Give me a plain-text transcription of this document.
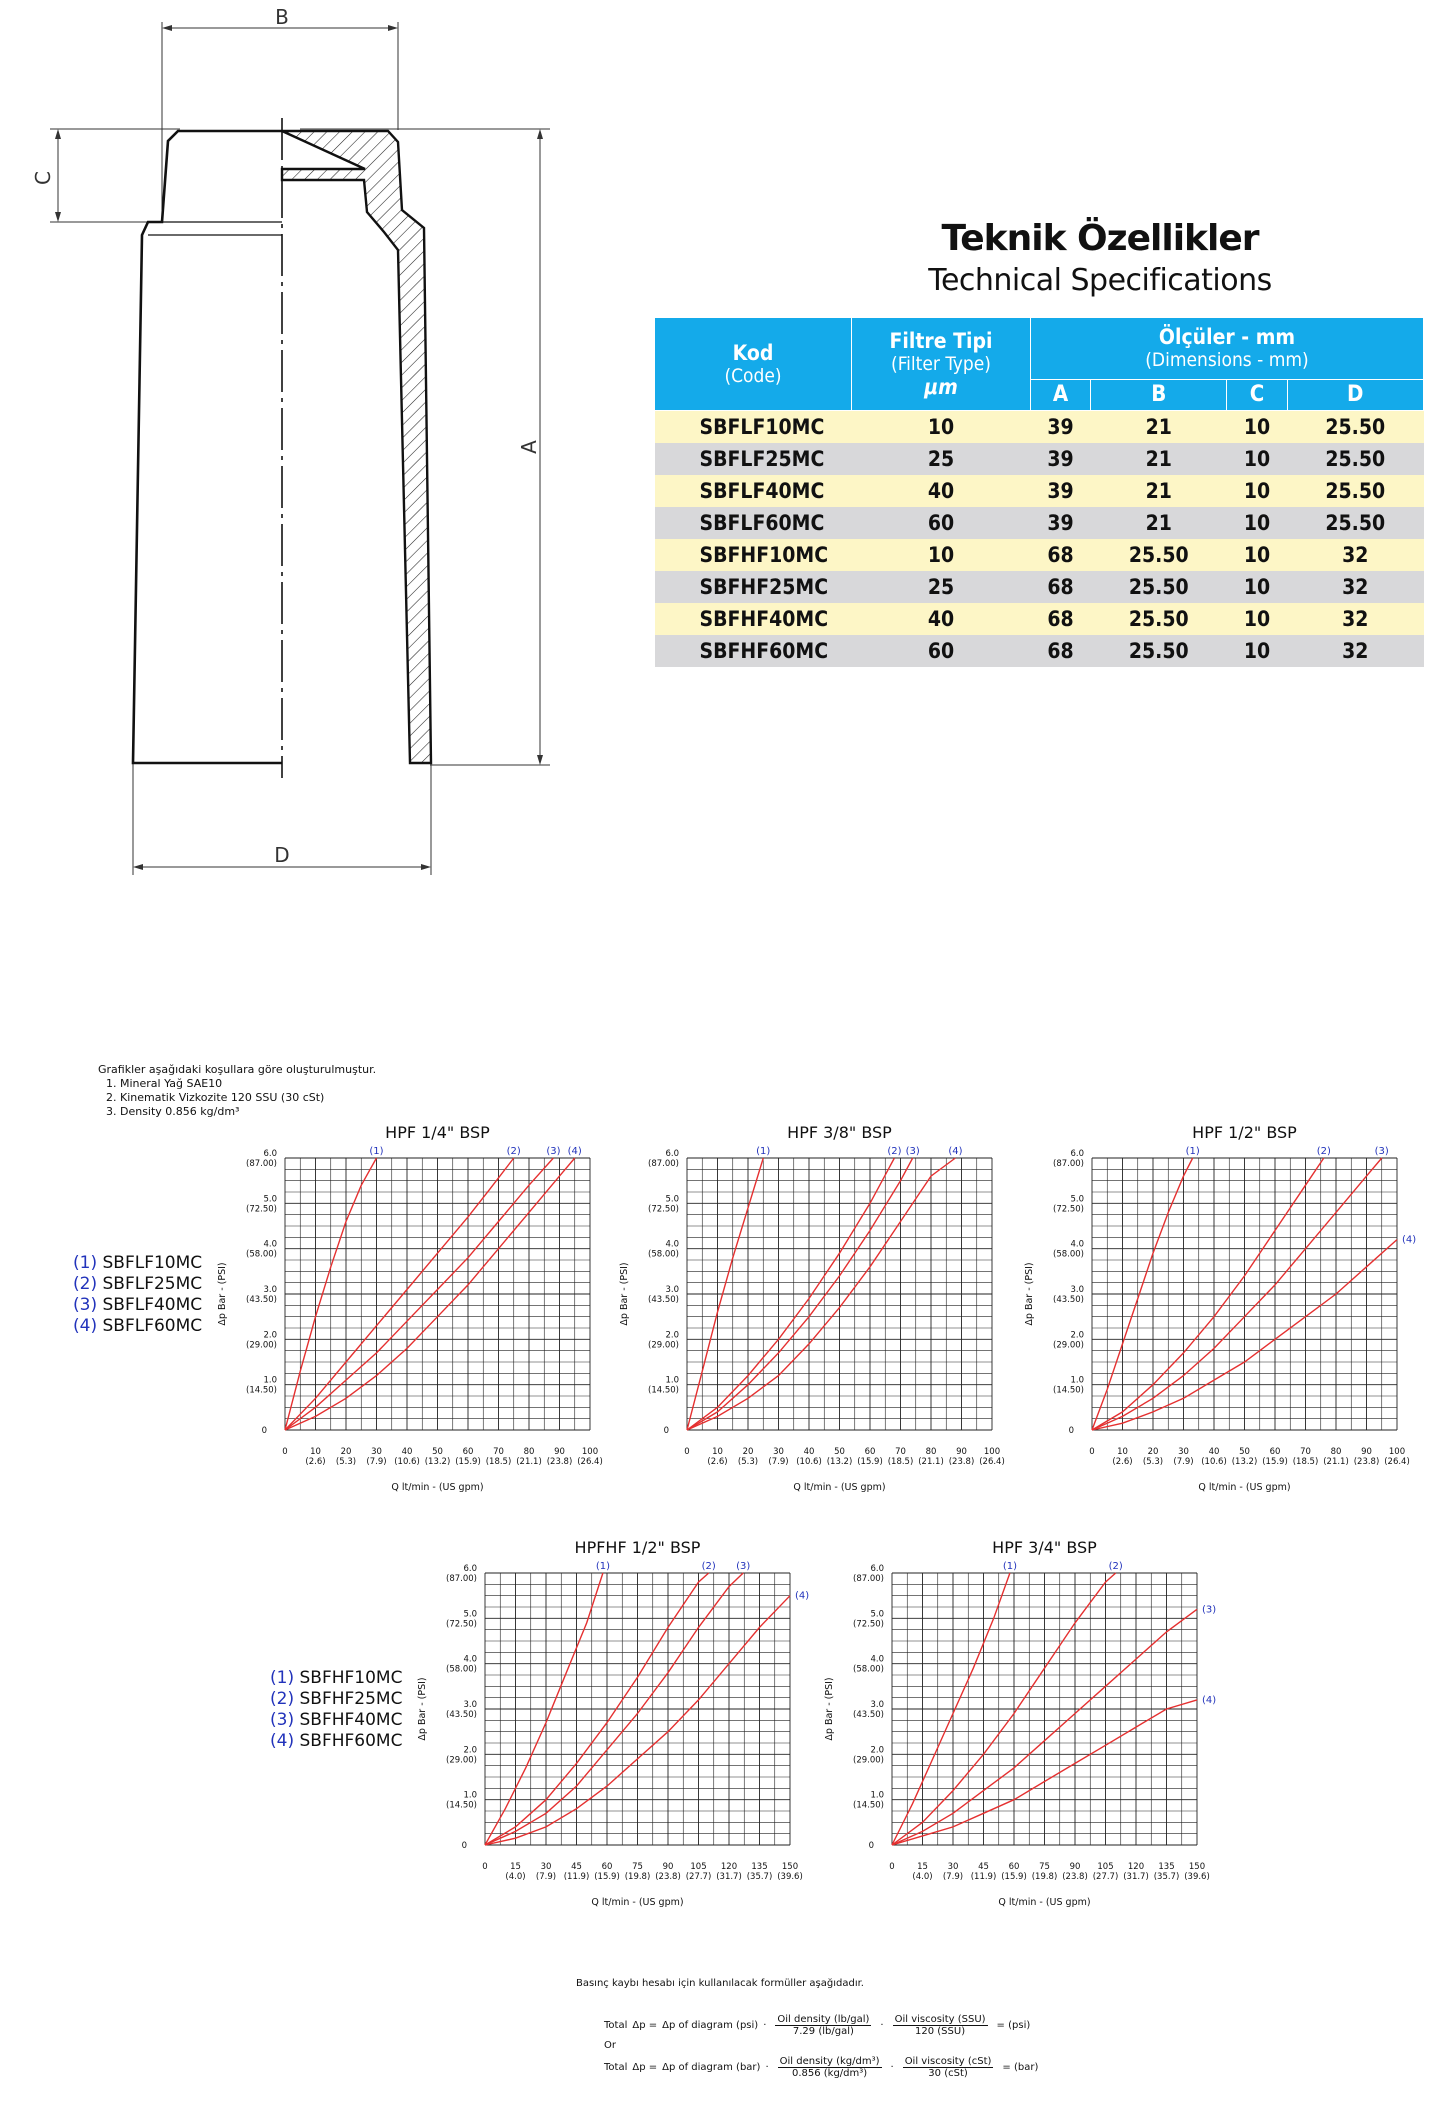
B
C
A
D
Teknik Özellikler
Technical Specifications
Kod
(Code)	Filtre Tipi
(Filter Type)
μm	Ölçüler - mm
(Dimensions - mm)			

		A	B	C	D
SBFLF10MC	10	39	21	10	25.50
SBFLF25MC	25	39	21	10	25.50
SBFLF40MC	40	39	21	10	25.50
SBFLF60MC	60	39	21	10	25.50
SBFHF10MC	10	68	25.50	10	32
SBFHF25MC	25	68	25.50	10	32
SBFHF40MC	40	68	25.50	10	32
SBFHF60MC	60	68	25.50	10	32
Grafikler aşağıdaki koşullara göre oluşturulmuştur.
1. Mineral Yağ SAE10
2. Kinematik Vizkozite 120 SSU (30 cSt)
3. Density 0.856 kg/dm³
(1) SBFLF10MC
(2) SBFLF25MC
(3) SBFLF40MC
(4) SBFLF60MC
(1) SBFHF10MC
(2) SBFHF25MC
(3) SBFHF40MC
(4) SBFHF60MC
HPF 1/4" BSP
0
1.0
(14.50)
2.0
(29.00)
3.0
(43.50)
4.0
(58.00)
5.0
(72.50)
6.0
(87.00)
0	10
(2.6)
20
(5.3)
30
(7.9)
40
(10.6)
50
(13.2)
60
(15.9)
70
(18.5)
80
(21.1)
90
(23.8)
100
(26.4)
Q lt/min - (US gpm)
Δp Bar - (PSI)
(1)	(2)	(3) (4)
HPF 3/8" BSP
0
1.0
(14.50)
2.0
(29.00)
3.0
(43.50)
4.0
(58.00)
5.0
(72.50)
6.0
(87.00)
0	10
(2.6)
20
(5.3)
30
(7.9)
40
(10.6)
50
(13.2)
60
(15.9)
70
(18.5)
80
(21.1)
90
(23.8)
100
(26.4)
Q lt/min - (US gpm)
Δp Bar - (PSI)
(1)	(2) (3)	(4)
HPF 1/2" BSP
0
1.0
(14.50)
2.0
(29.00)
3.0
(43.50)
4.0
(58.00)
5.0
(72.50)
6.0
(87.00)
0	10
(2.6)
20
(5.3)
30
(7.9)
40
(10.6)
50
(13.2)
60
(15.9)
70
(18.5)
80
(21.1)
90
(23.8)
100
(26.4)
Q lt/min - (US gpm)
Δp Bar - (PSI)
(1)	(2)	(3)
(4)
HPFHF 1/2" BSP
0
1.0
(14.50)
2.0
(29.00)
3.0
(43.50)
4.0
(58.00)
5.0
(72.50)
6.0
(87.00)
0	15
(4.0)
30
(7.9)
45
(11.9)
60
(15.9)
75
(19.8)
90
(23.8)
105
(27.7)
120
(31.7)
135
(35.7)
150
(39.6)
Q lt/min - (US gpm)
Δp Bar - (PSI)
(1)	(2) (3)
(4)
HPF 3/4" BSP
0
1.0
(14.50)
2.0
(29.00)
3.0
(43.50)
4.0
(58.00)
5.0
(72.50)
6.0
(87.00)
0	15
(4.0)
30
(7.9)
45
(11.9)
60
(15.9)
75
(19.8)
90
(23.8)
105
(27.7)
120
(31.7)
135
(35.7)
150
(39.6)
Q lt/min - (US gpm)
Δp Bar - (PSI)
(1)	(2)
(3)
(4)
Basınç kaybı hesabı için kullanılacak formüller aşağıdadır.
Total Δp = Δp of diagram $(psi) \cdot \frac{\text{Oil density (lb/gal)}}{\text{7.29 (lb/gal)}} \cdot \frac{\text{Oil viscosity (SSU)}}{\text{120 (SSU)}} = (psi)$
Or
Total Δp = Δp of diagram $(bar) \cdot \frac{\text{Oil density (kg/dm³)}}{\text{0.856 (kg/dm³)}} \cdot \frac{\text{Oil viscosity (cSt)}}{\text{30 (cSt)}} = (bar)$
